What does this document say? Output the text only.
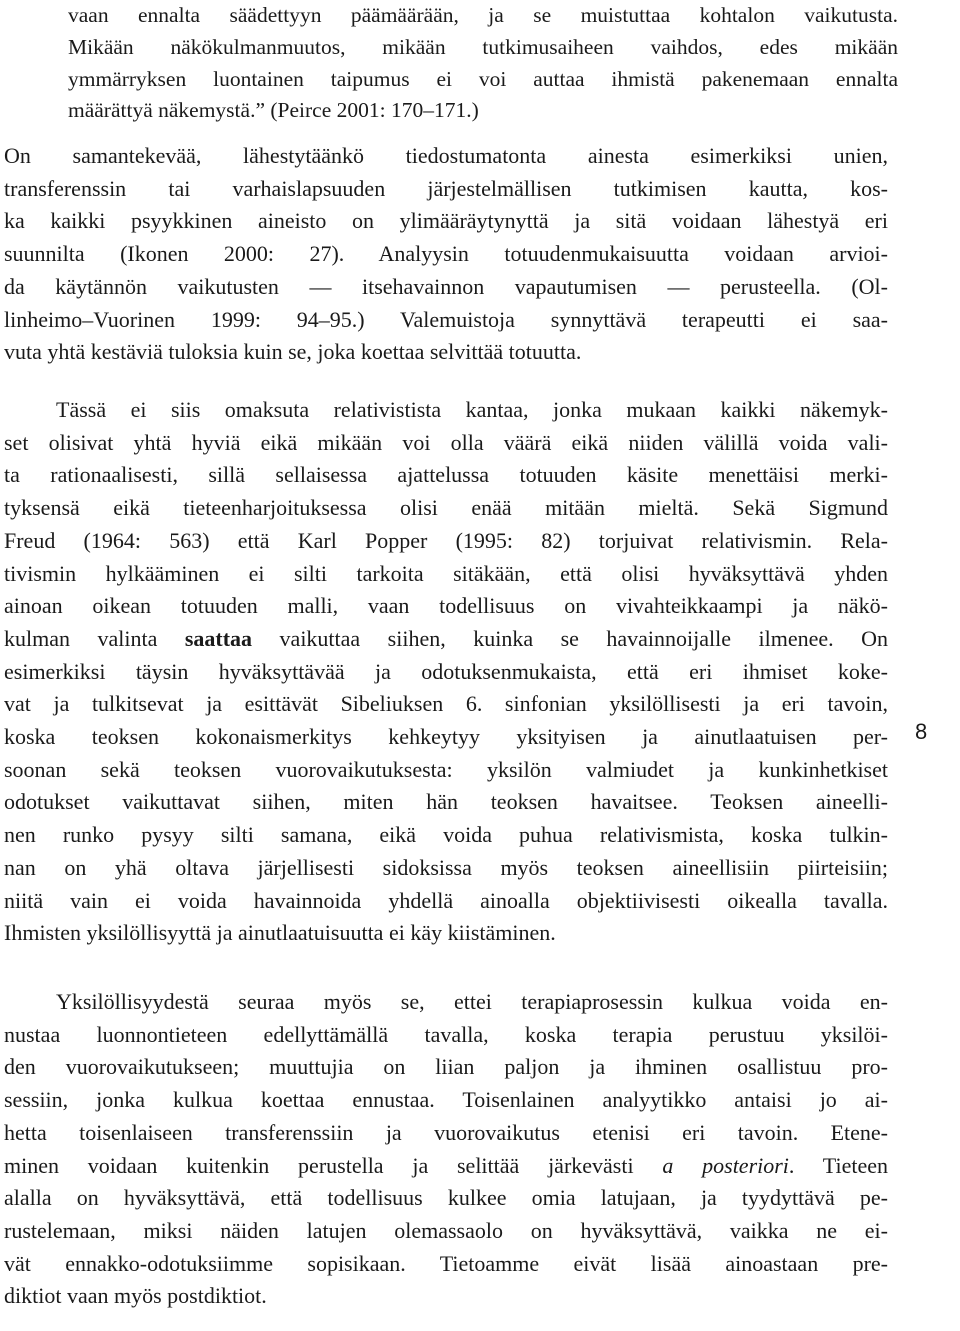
vaan ennalta säädettyyn päämäärään, ja se muistuttaa kohtalon vaikutusta.
Mikään näkökulmanmuutos, mikään tutkimusaiheen vaihdos, edes mikään
ymmärryksen luontainen taipumus ei voi auttaa ihmistä pakenemaan ennalta
määrättyä näkemystä.” (Peirce 2001: 170–171.)
On samantekevää, lähestytäänkö tiedostumatonta ainesta esimerkiksi unien,
transferenssin tai varhaislapsuuden järjestelmällisen tutkimisen kautta, kos-
ka kaikki psyykkinen aineisto on ylimääräytynyttä ja sitä voidaan lähestyä eri
suunnilta (Ikonen 2000: 27). Analyysin totuudenmukaisuutta voidaan arvioi-
da käytännön vaikutusten — itsehavainnon vapautumisen — perusteella. (Ol-
linheimo–Vuorinen 1999: 94–95.) Valemuistoja synnyttävä terapeutti ei saa-
vuta yhtä kestäviä tuloksia kuin se, joka koettaa selvittää totuutta.
Tässä ei siis omaksuta relativistista kantaa, jonka mukaan kaikki näkemyk-
set olisivat yhtä hyviä eikä mikään voi olla väärä eikä niiden välillä voida vali-
ta rationaalisesti, sillä sellaisessa ajattelussa totuuden käsite menettäisi merki-
tyksensä eikä tieteenharjoituksessa olisi enää mitään mieltä. Sekä Sigmund
Freud (1964: 563) että Karl Popper (1995: 82) torjuivat relativismin. Rela-
tivismin hylkääminen ei silti tarkoita sitäkään, että olisi hyväksyttävä yhden
ainoan oikean totuuden malli, vaan todellisuus on vivahteikkaampi ja näkö-
kulman valinta saattaa vaikuttaa siihen, kuinka se havainnoijalle ilmenee. On
esimerkiksi täysin hyväksyttävää ja odotuksenmukaista, että eri ihmiset koke-
vat ja tulkitsevat ja esittävät Sibeliuksen 6. sinfonian yksilöllisesti ja eri tavoin,
koska teoksen kokonaismerkitys kehkeytyy yksityisen ja ainutlaatuisen per-
soonan sekä teoksen vuorovaikutuksesta: yksilön valmiudet ja kunkinhetkiset
odotukset vaikuttavat siihen, miten hän teoksen havaitsee. Teoksen aineelli-
nen runko pysyy silti samana, eikä voida puhua relativismista, koska tulkin-
nan on yhä oltava järjellisesti sidoksissa myös teoksen aineellisiin piirteisiin;
niitä vain ei voida havainnoida yhdellä ainoalla objektiivisesti oikealla tavalla.
Ihmisten yksilöllisyyttä ja ainutlaatuisuutta ei käy kiistäminen.
Yksilöllisyydestä seuraa myös se, ettei terapiaprosessin kulkua voida en-
nustaa luonnontieteen edellyttämällä tavalla, koska terapia perustuu yksilöi-
den vuorovaikutukseen; muuttujia on liian paljon ja ihminen osallistuu pro-
sessiin, jonka kulkua koettaa ennustaa. Toisenlainen analyytikko antaisi jo ai-
hetta toisenlaiseen transferenssiin ja vuorovaikutus etenisi eri tavoin. Etene-
minen voidaan kuitenkin perustella ja selittää järkevästi a posteriori. Tieteen
alalla on hyväksyttävä, että todellisuus kulkee omia latujaan, ja tyydyttävä pe-
rustelemaan, miksi näiden latujen olemassaolo on hyväksyttävä, vaikka ne ei-
vät ennakko-odotuksiimme sopisikaan. Tietoamme eivät lisää ainoastaan pre-
diktiot vaan myös postdiktiot.
8
